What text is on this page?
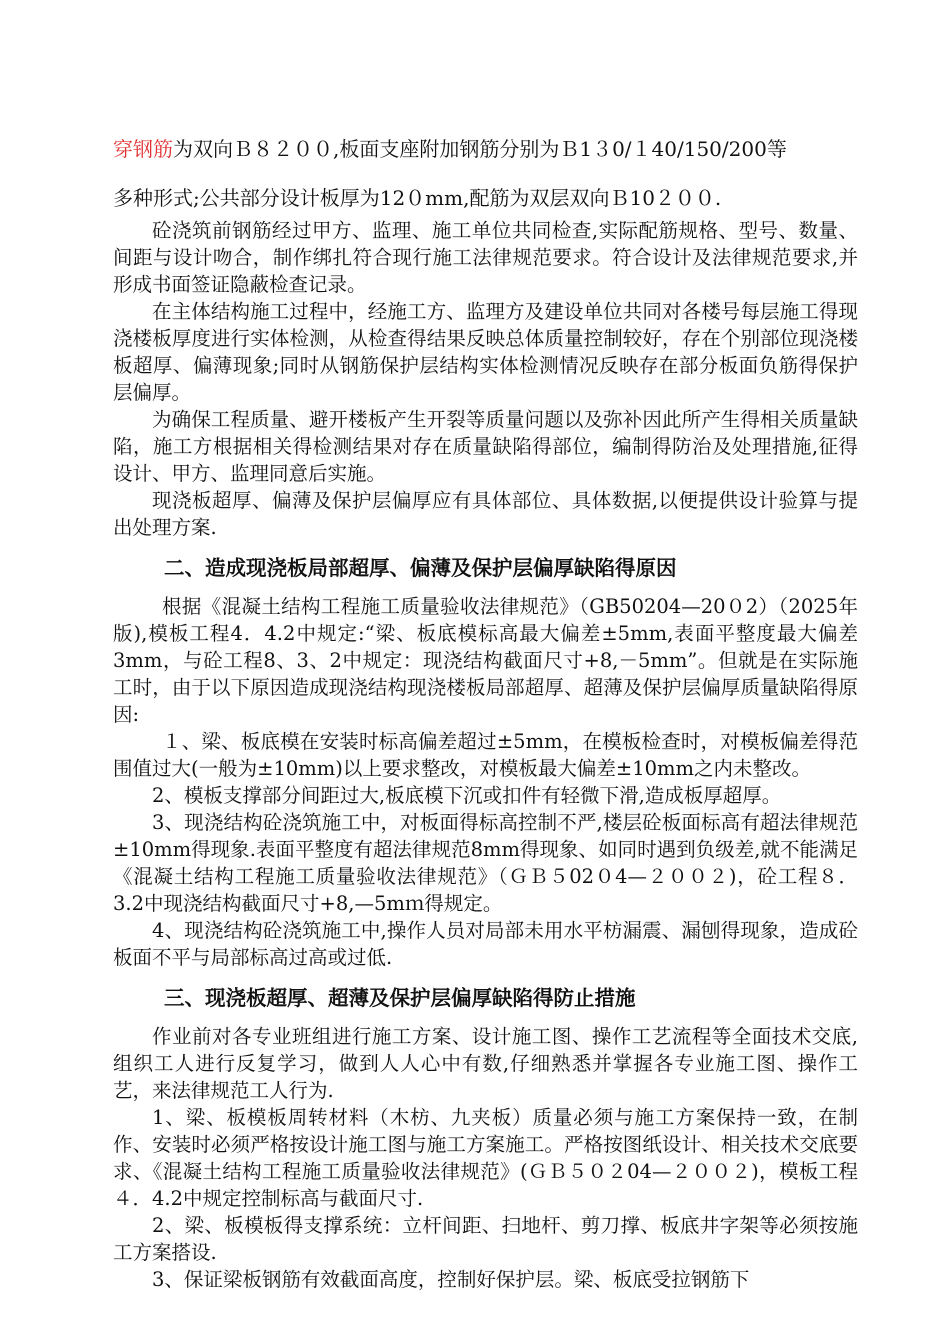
穿钢筋为双向Ｂ８２００,板面支座附加钢筋分别为Ｂ1３0/１40/150/200等

多种形式;公共部分设计板厚为12０mm,配筋为双层双向Ｂ10２００.

砼浇筑前钢筋经过甲方、监理、施工单位共同检查,实际配筋规格、型号、数量、间距与设计吻合，制作绑扎符合现行施工法律规范要求。符合设计及法律规范要求,并形成书面签证隐蔽检查记录。

在主体结构施工过程中，经施工方、监理方及建设单位共同对各楼号每层施工得现浇楼板厚度进行实体检测，从检查得结果反映总体质量控制较好，存在个别部位现浇楼板超厚、偏薄现象;同时从钢筋保护层结构实体检测情况反映存在部分板面负筋得保护层偏厚。

为确保工程质量、避开楼板产生开裂等质量问题以及弥补因此所产生得相关质量缺陷，施工方根据相关得检测结果对存在质量缺陷得部位，编制得防治及处理措施,征得设计、甲方、监理同意后实施。

现浇板超厚、偏薄及保护层偏厚应有具体部位、具体数据,以便提供设计验算与提出处理方案.

二、造成现浇板局部超厚、偏薄及保护层偏厚缺陷得原因

根据《混凝土结构工程施工质量验收法律规范》（GB50204—20０2）（2025年版),模板工程4．4.2中规定:“梁、板底模标高最大偏差±5mm,表面平整度最大偏差3mm，与砼工程8、3、2中规定：现浇结构截面尺寸+8,－5mm”。但就是在实际施工时，由于以下原因造成现浇结构现浇楼板局部超厚、超薄及保护层偏厚质量缺陷得原因:

１、梁、板底模在安装时标高偏差超过±5mm，在模板检查时，对模板偏差得范围值过大(一般为±10mm)以上要求整改，对模板最大偏差±10mm之内未整改。

2、模板支撑部分间距过大,板底模下沉或扣件有轻微下滑,造成板厚超厚。

3、现浇结构砼浇筑施工中，对板面得标高控制不严,楼层砼板面标高有超法律规范±10mm得现象.表面平整度有超法律规范8mm得现象、如同时遇到负级差,就不能满足《混凝土结构工程施工质量验收法律规范》（ＧＢ５02０4—２００２)，砼工程８．3.2中现浇结构截面尺寸+8,—5mｍ得规定。

4、现浇结构砼浇筑施工中,操作人员对局部未用水平枋漏震、漏刨得现象，造成砼板面不平与局部标高过高或过低.

三、现浇板超厚、超薄及保护层偏厚缺陷得防止措施

作业前对各专业班组进行施工方案、设计施工图、操作工艺流程等全面技术交底,组织工人进行反复学习，做到人人心中有数,仔细熟悉并掌握各专业施工图、操作工艺，来法律规范工人行为.

1、梁、板模板周转材料（木枋、九夹板）质量必须与施工方案保持一致，在制作、安装时必须严格按设计施工图与施工方案施工。严格按图纸设计、相关技术交底要求、《混凝土结构工程施工质量验收法律规范》(ＧＢ５０２04—２００２)，模板工程４．4.2中规定控制标高与截面尺寸.

2、梁、板模板得支撑系统：立杆间距、扫地杆、剪刀撑、板底井字架等必须按施工方案搭设.

3、保证梁板钢筋有效截面高度，控制好保护层。梁、板底受拉钢筋下
